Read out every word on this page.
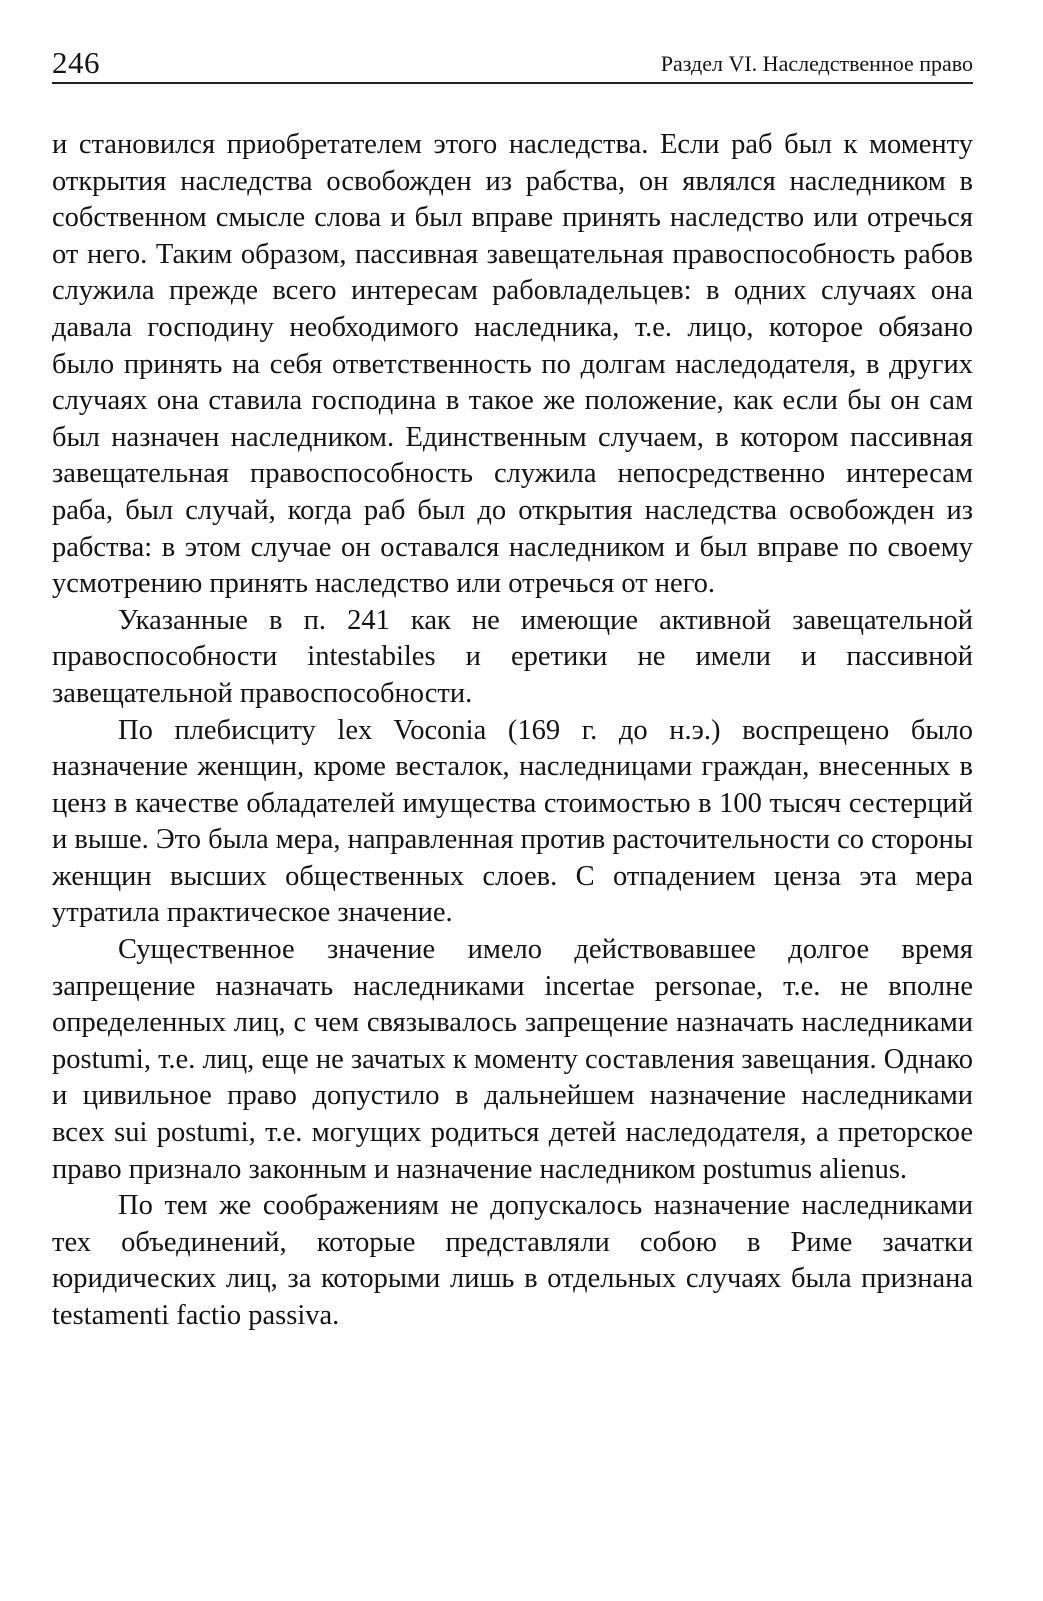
246	Раздел VI. Наследственное право

и становился приобретателем этого наследства. Если раб был к моменту открытия наследства освобожден из рабства, он являлся наследником в собственном смысле слова и был вправе принять наследство или отречься от него. Таким образом, пассивная завещательная правоспособность рабов служила прежде всего интересам рабовладельцев: в одних случаях она давала господину необходимого наследника, т.е. лицо, которое обязано было принять на себя ответственность по долгам наследодателя, в других случаях она ставила господина в такое же положение, как если бы он сам был назначен наследником. Единственным случаем, в котором пассивная завещательная правоспособность служила непосредственно интересам раба, был случай, когда раб был до открытия наследства освобожден из рабства: в этом случае он оставался наследником и был вправе по своему усмотрению принять наследство или отречься от него.

Указанные в п. 241 как не имеющие активной завещательной правоспособности intestabiles и еретики не имели и пассивной завещательной правоспособности.

По плебисциту lex Voconia (169 г. до н.э.) воспрещено было назначение женщин, кроме весталок, наследницами граждан, внесенных в ценз в качестве обладателей имущества стоимостью в 100 тысяч сестерций и выше. Это была мера, направленная против расточительности со стороны женщин высших общественных слоев. С отпадением ценза эта мера утратила практическое значение.

Существенное значение имело действовавшее долгое время запрещение назначать наследниками incertae personae, т.е. не вполне определенных лиц, с чем связывалось запрещение назначать наследниками postumi, т.е. лиц, еще не зачатых к моменту составления завещания. Однако и цивильное право допустило в дальнейшем назначение наследниками всех sui postumi, т.е. могущих родиться детей наследодателя, а преторское право признало законным и назначение наследником postumus alienus.

По тем же соображениям не допускалось назначение наследниками тех объединений, которые представляли собою в Риме зачатки юридических лиц, за которыми лишь в отдельных случаях была признана testamenti factio passiva.
